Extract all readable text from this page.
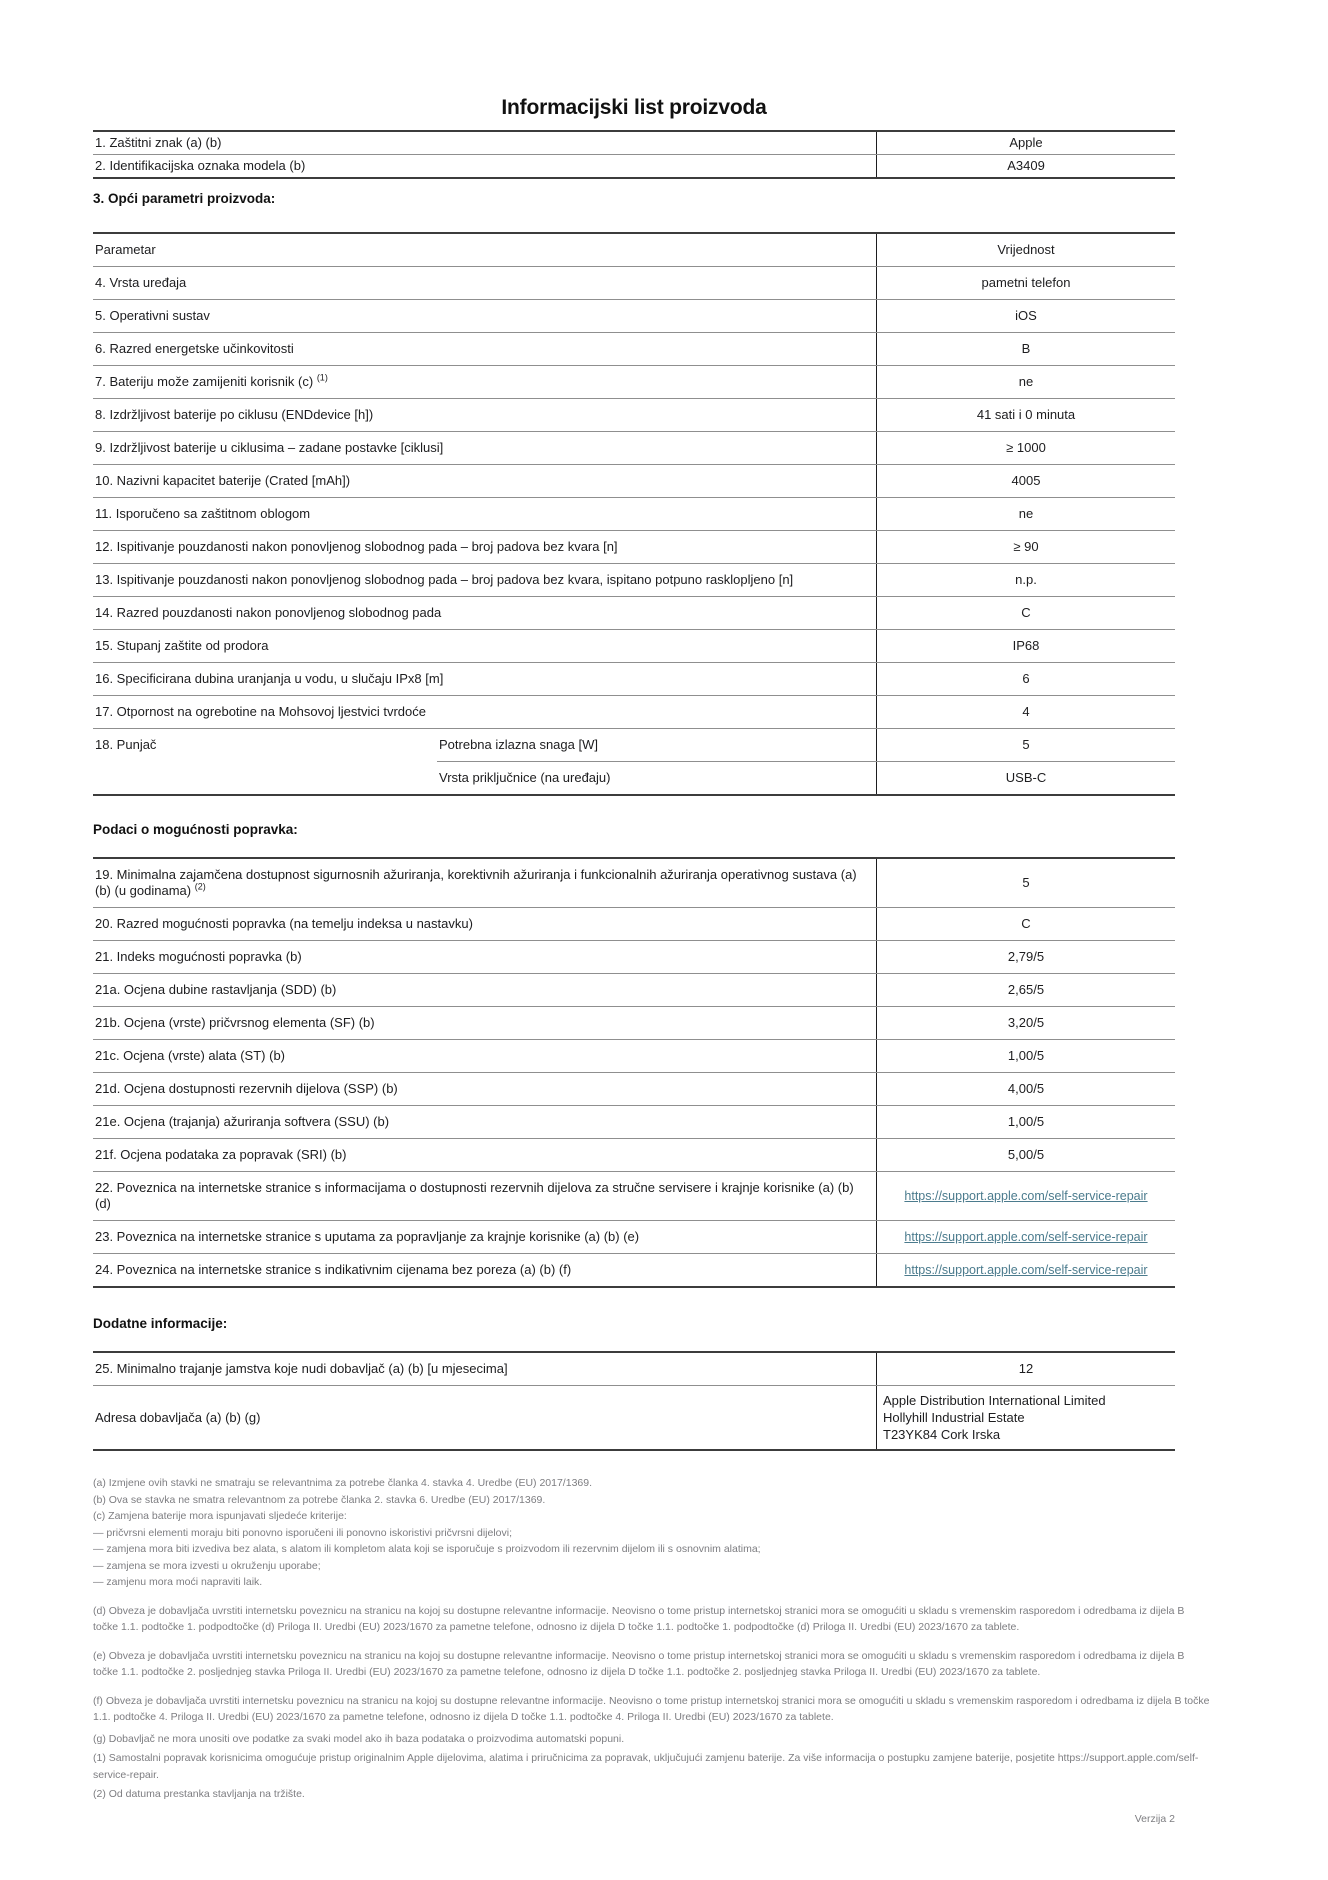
Informacijski list proizvoda
1. Zaštitni znak (a) (b)	Apple
2. Identifikacijska oznaka modela (b)	A3409
3. Opći parametri proizvoda:
Parametar	Vrijednost
4. Vrsta uređaja	pametni telefon
5. Operativni sustav	iOS
6. Razred energetske učinkovitosti	B
7. Bateriju može zamijeniti korisnik (c) $^{(1)}$	ne
8. Izdržljivost baterije po ciklusu (ENDdevice [h])	41 sati i 0 minuta
9. Izdržljivost baterije u ciklusima – zadane postavke [ciklusi]	≥ 1000
10. Nazivni kapacitet baterije (Crated [mAh])	4005
11. Isporučeno sa zaštitnom oblogom	ne
12. Ispitivanje pouzdanosti nakon ponovljenog slobodnog pada – broj padova bez kvara [n]	≥ 90
13. Ispitivanje pouzdanosti nakon ponovljenog slobodnog pada – broj padova bez kvara, ispitano potpuno rasklopljeno [n]	n.p.
14. Razred pouzdanosti nakon ponovljenog slobodnog pada	C
15. Stupanj zaštite od prodora	IP68
16. Specificirana dubina uranjanja u vodu, u slučaju IPx8 [m]	6
17. Otpornost na ogrebotine na Mohsovoj ljestvici tvrdoće	4
18. Punjač	Potrebna izlazna snaga [W]	5
Vrsta priključnice (na uređaju)	USB-C
Podaci o mogućnosti popravka:
19. Minimalna zajamčena dostupnost sigurnosnih ažuriranja, korektivnih ažuriranja i funkcionalnih ažuriranja operativnog sustava (a) (b) (u godinama) $^{(2)}$	5
20. Razred mogućnosti popravka (na temelju indeksa u nastavku)	C
21. Indeks mogućnosti popravka (b)	2,79/5
21a. Ocjena dubine rastavljanja (SDD) (b)	2,65/5
21b. Ocjena (vrste) pričvrsnog elementa (SF) (b)	3,20/5
21c. Ocjena (vrste) alata (ST) (b)	1,00/5
21d. Ocjena dostupnosti rezervnih dijelova (SSP) (b)	4,00/5
21e. Ocjena (trajanja) ažuriranja softvera (SSU) (b)	1,00/5
21f. Ocjena podataka za popravak (SRI) (b)	5,00/5
22. Poveznica na internetske stranice s informacijama o dostupnosti rezervnih dijelova za stručne servisere i krajnje korisnike (a) (b) (d)	https://support.apple.com/self-service-repair
23. Poveznica na internetske stranice s uputama za popravljanje za krajnje korisnike (a) (b) (e)	https://support.apple.com/self-service-repair
24. Poveznica na internetske stranice s indikativnim cijenama bez poreza (a) (b) (f)	https://support.apple.com/self-service-repair
Dodatne informacije:
25. Minimalno trajanje jamstva koje nudi dobavljač (a) (b) [u mjesecima]	12
Adresa dobavljača (a) (b) (g)
Apple Distribution International Limited
Hollyhill Industrial Estate
T23YK84 Cork Irska

(a) Izmjene ovih stavki ne smatraju se relevantnima za potrebe članka 4. stavka 4. Uredbe (EU) 2017/1369.

(b) Ova se stavka ne smatra relevantnom za potrebe članka 2. stavka 6. Uredbe (EU) 2017/1369.

(c) Zamjena baterije mora ispunjavati sljedeće kriterije:

— pričvrsni elementi moraju biti ponovno isporučeni ili ponovno iskoristivi pričvrsni dijelovi;

— zamjena mora biti izvediva bez alata, s alatom ili kompletom alata koji se isporučuje s proizvodom ili rezervnim dijelom ili s osnovnim alatima;

— zamjena se mora izvesti u okruženju uporabe;

— zamjenu mora moći napraviti laik.

(d) Obveza je dobavljača uvrstiti internetsku poveznicu na stranicu na kojoj su dostupne relevantne informacije. Neovisno o tome pristup internetskoj stranici mora se omogućiti u skladu s vremenskim rasporedom i odredbama iz dijela B točke 1.1. podtočke 1. podpodtočke (d) Priloga II. Uredbi (EU) 2023/1670 za pametne telefone, odnosno iz dijela D točke 1.1. podtočke 1. podpodtočke (d) Priloga II. Uredbi (EU) 2023/1670 za tablete.

(e) Obveza je dobavljača uvrstiti internetsku poveznicu na stranicu na kojoj su dostupne relevantne informacije. Neovisno o tome pristup internetskoj stranici mora se omogućiti u skladu s vremenskim rasporedom i odredbama iz dijela B točke 1.1. podtočke 2. posljednjeg stavka Priloga II. Uredbi (EU) 2023/1670 za pametne telefone, odnosno iz dijela D točke 1.1. podtočke 2. posljednjeg stavka Priloga II. Uredbi (EU) 2023/1670 za tablete.

(f) Obveza je dobavljača uvrstiti internetsku poveznicu na stranicu na kojoj su dostupne relevantne informacije. Neovisno o tome pristup internetskoj stranici mora se omogućiti u skladu s vremenskim rasporedom i odredbama iz dijela B točke 1.1. podtočke 4. Priloga II. Uredbi (EU) 2023/1670 za pametne telefone, odnosno iz dijela D točke 1.1. podtočke 4. Priloga II. Uredbi (EU) 2023/1670 za tablete.

(g) Dobavljač ne mora unositi ove podatke za svaki model ako ih baza podataka o proizvodima automatski popuni.

(1) Samostalni popravak korisnicima omogućuje pristup originalnim Apple dijelovima, alatima i priručnicima za popravak, uključujući zamjenu baterije. Za više informacija o postupku zamjene baterije, posjetite https://support.apple.com/self-service-repair.

(2) Od datuma prestanka stavljanja na tržište.

Verzija 2
